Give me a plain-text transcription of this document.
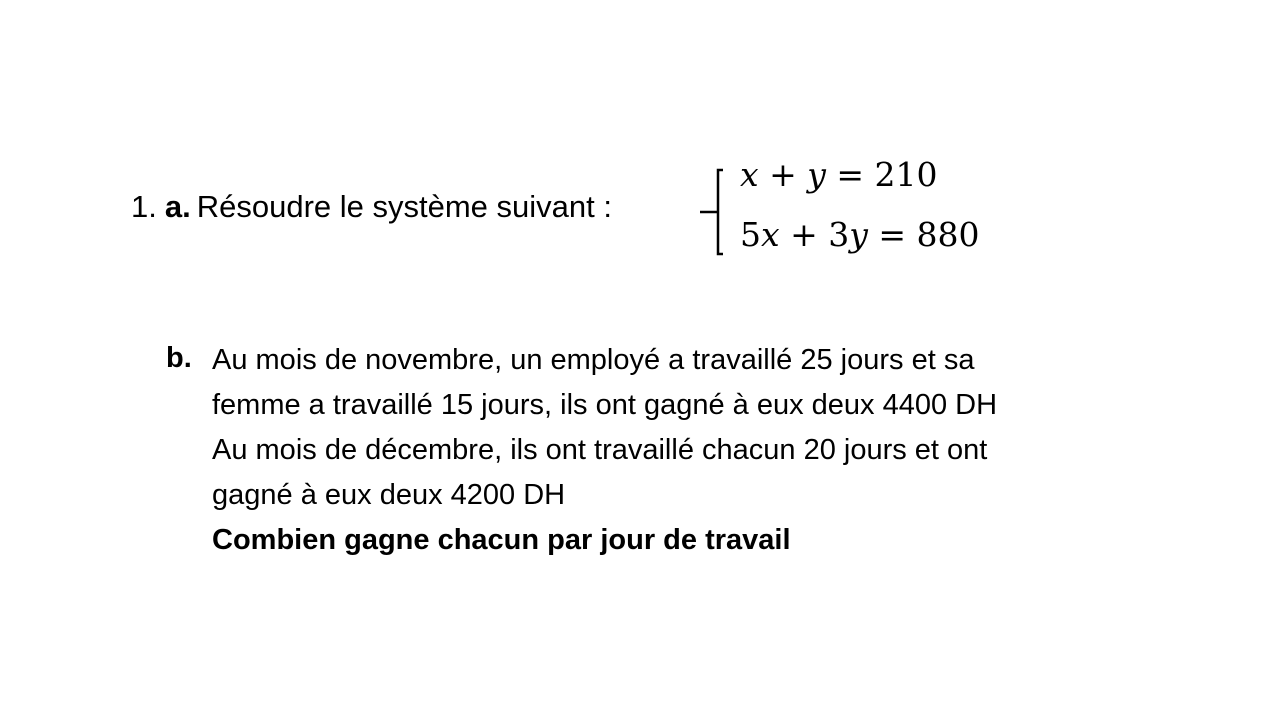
1. a. Résoudre le système suivant :
x + y = 210
5x + 3y = 880
b. Au mois de novembre, un employé a travaillé 25 jours et sa
femme a travaillé 15 jours, ils ont gagné à eux deux 4400 DH
Au mois de décembre, ils ont travaillé chacun 20 jours et ont
gagné à eux deux 4200 DH
Combien gagne chacun par jour de travail
